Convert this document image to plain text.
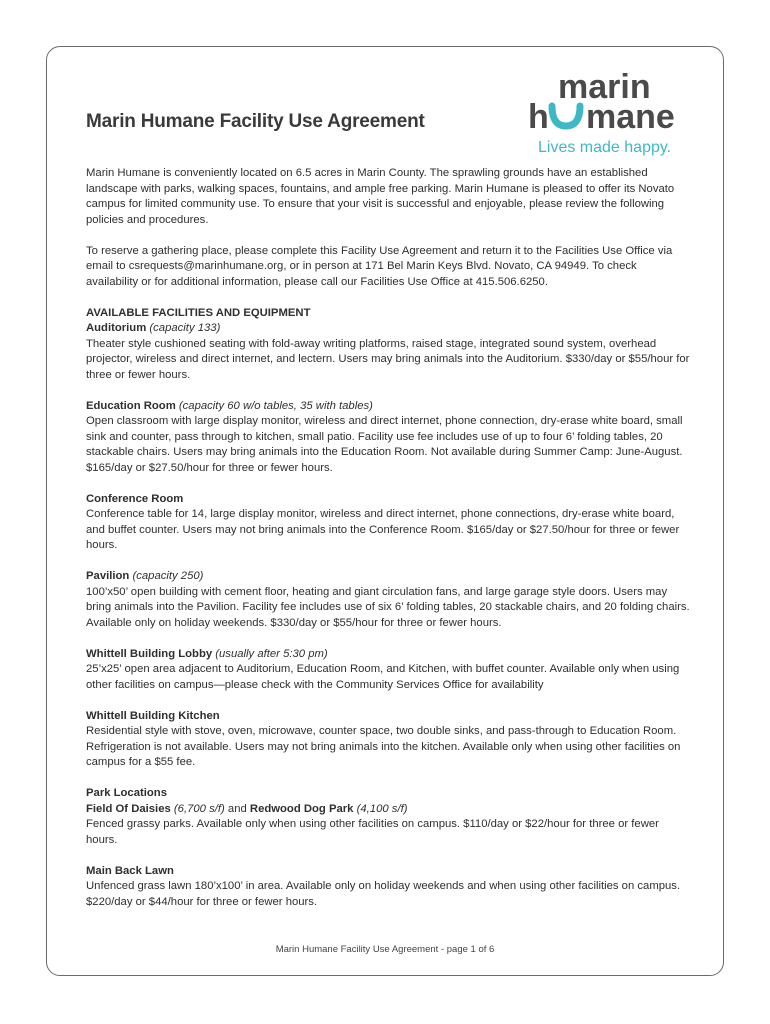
marin
h mane
Lives made happy.
Marin Humane Facility Use Agreement

Marin Humane is conveniently located on 6.5 acres in Marin County. The sprawling grounds have an established landscape with parks, walking spaces, fountains, and ample free parking. Marin Humane is pleased to offer its Novato campus for limited community use. To ensure that your visit is successful and enjoyable, please review the following policies and procedures.

To reserve a gathering place, please complete this Facility Use Agreement and return it to the Facilities Use Office via email to csrequests@marinhumane.org, or in person at 171 Bel Marin Keys Blvd. Novato, CA 94949. To check availability or for additional information, please call our Facilities Use Office at 415.506.6250.

AVAILABLE FACILITIES AND EQUIPMENT

Auditorium (capacity 133)

Theater style cushioned seating with fold-away writing platforms, raised stage, integrated sound system, overhead projector, wireless and direct internet, and lectern. Users may bring animals into the Auditorium. $330/day or $55/hour for three or fewer hours.

Education Room (capacity 60 w/o tables, 35 with tables)

Open classroom with large display monitor, wireless and direct internet, phone connection, dry-erase white board, small sink and counter, pass through to kitchen, small patio. Facility use fee includes use of up to four 6’ folding tables, 20 stackable chairs. Users may bring animals into the Education Room. Not available during Summer Camp: June-August. $165/day or $27.50/hour for three or fewer hours.

Conference Room

Conference table for 14, large display monitor, wireless and direct internet, phone connections, dry-erase white board, and buffet counter. Users may not bring animals into the Conference Room. $165/day or $27.50/hour for three or fewer hours.

Pavilion (capacity 250)

100’x50’ open building with cement floor, heating and giant circulation fans, and large garage style doors. Users may bring animals into the Pavilion. Facility fee includes use of six 6’ folding tables, 20 stackable chairs, and 20 folding chairs. Available only on holiday weekends. $330/day or $55/hour for three or fewer hours.

Whittell Building Lobby (usually after 5:30 pm)

25’x25’ open area adjacent to Auditorium, Education Room, and Kitchen, with buffet counter. Available only when using other facilities on campus—please check with the Community Services Office for availability

Whittell Building Kitchen

Residential style with stove, oven, microwave, counter space, two double sinks, and pass-through to Education Room. Refrigeration is not available. Users may not bring animals into the kitchen. Available only when using other facilities on campus for a $55 fee.

Park Locations

Field Of Daisies (6,700 s/f) and Redwood Dog Park (4,100 s/f)

Fenced grassy parks. Available only when using other facilities on campus. $110/day or $22/hour for three or fewer hours.

Main Back Lawn

Unfenced grass lawn 180’x100’ in area. Available only on holiday weekends and when using other facilities on campus. $220/day or $44/hour for three or fewer hours.

Marin Humane Facility Use Agreement - page 1 of 6
